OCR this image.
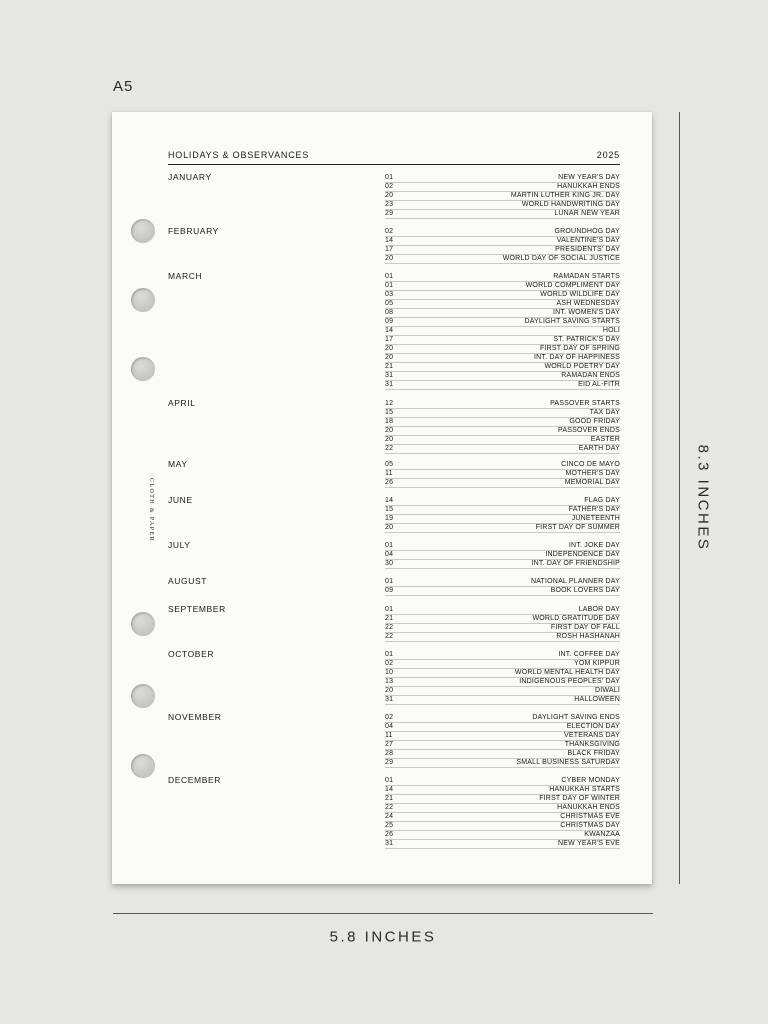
A5
CLOTH & PAPER
HOLIDAYS & OBSERVANCES	2025
JANUARY	01	NEW YEAR'S DAY
02	HANUKKAH ENDS
20	MARTIN LUTHER KING JR. DAY
23	WORLD HANDWRITING DAY
29	LUNAR NEW YEAR
FEBRUARY	02	GROUNDHOG DAY
14	VALENTINE'S DAY
17	PRESIDENTS' DAY
20	WORLD DAY OF SOCIAL JUSTICE
MARCH	01	RAMADAN STARTS
01	WORLD COMPLIMENT DAY
03	WORLD WILDLIFE DAY
05	ASH WEDNESDAY
08	INT. WOMEN'S DAY
09	DAYLIGHT SAVING STARTS
14	HOLI
17	ST. PATRICK'S DAY
20	FIRST DAY OF SPRING
20	INT. DAY OF HAPPINESS
21	WORLD POETRY DAY
31	RAMADAN ENDS
31	EID AL-FITR
APRIL	12	PASSOVER STARTS
15	TAX DAY
18	GOOD FRIDAY
20	PASSOVER ENDS
20	EASTER
22	EARTH DAY
MAY	05	CINCO DE MAYO
11	MOTHER'S DAY
26	MEMORIAL DAY
JUNE	14	FLAG DAY
15	FATHER'S DAY
19	JUNETEENTH
20	FIRST DAY OF SUMMER
JULY	01	INT. JOKE DAY
04	INDEPENDENCE DAY
30	INT. DAY OF FRIENDSHIP
AUGUST	01	NATIONAL PLANNER DAY
09	BOOK LOVERS DAY
SEPTEMBER	01	LABOR DAY
21	WORLD GRATITUDE DAY
22	FIRST DAY OF FALL
22	ROSH HASHANAH
OCTOBER	01	INT. COFFEE DAY
02	YOM KIPPUR
10	WORLD MENTAL HEALTH DAY
13	INDIGENOUS PEOPLES' DAY
20	DIWALI
31	HALLOWEEN
NOVEMBER	02	DAYLIGHT SAVING ENDS
04	ELECTION DAY
11	VETERANS DAY
27	THANKSGIVING
28	BLACK FRIDAY
29	SMALL BUSINESS SATURDAY
DECEMBER	01	CYBER MONDAY
14	HANUKKAH STARTS
21	FIRST DAY OF WINTER
22	HANUKKAH ENDS
24	CHRISTMAS EVE
25	CHRISTMAS DAY
26	KWANZAA
31	NEW YEAR'S EVE
8.3 INCHES
5.8 INCHES
